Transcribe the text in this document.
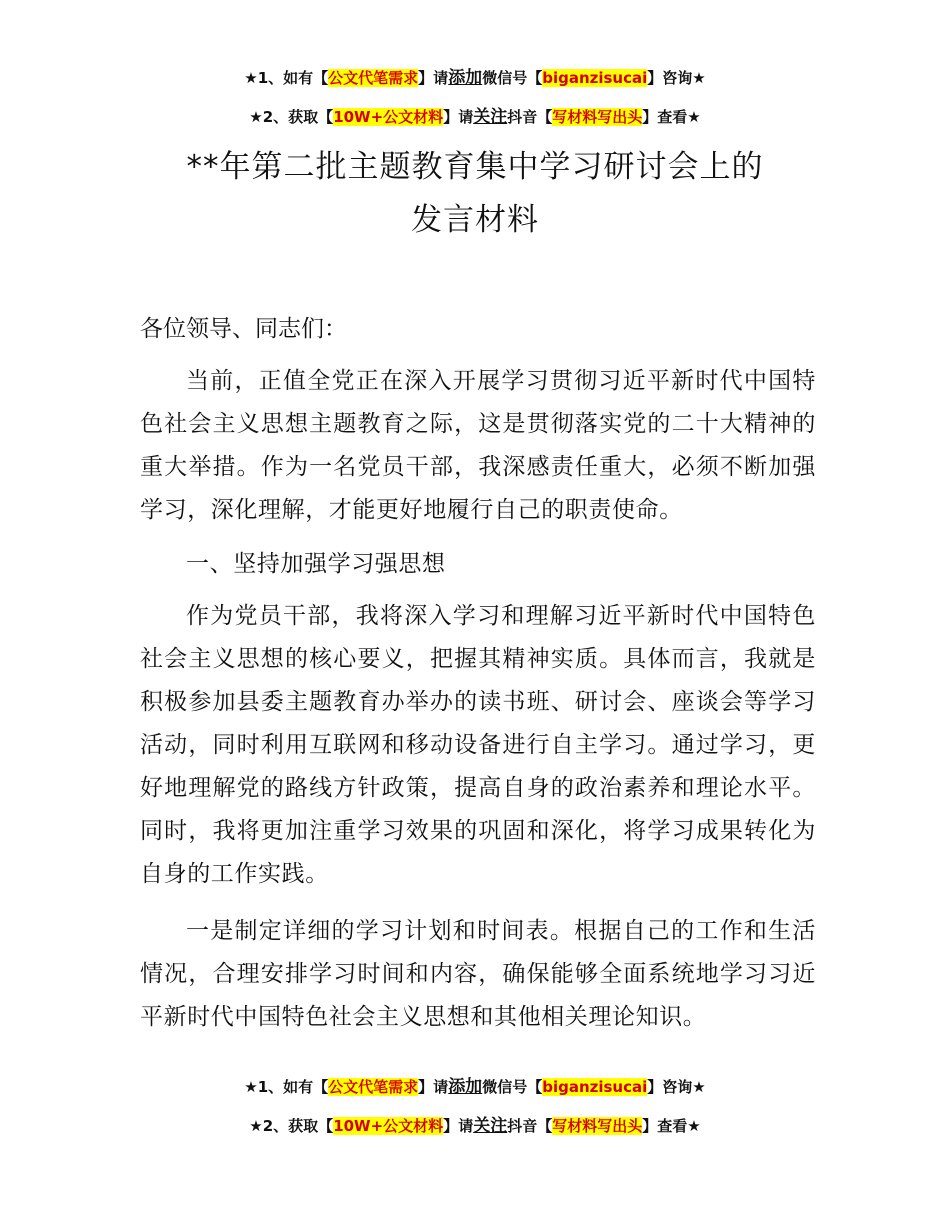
★1、如有【公文代笔需求】请添加微信号【biganzisucai】咨询★
★2、获取【10W+公文材料】请关注抖音【写材料写出头】查看★
**年第二批主题教育集中学习研讨会上的
发言材料
各位领导、同志们：
当前，正值全党正在深入开展学习贯彻习近平新时代中国特色社会主义思想主题教育之际，这是贯彻落实党的二十大精神的重大举措。作为一名党员干部，我深感责任重大，必须不断加强学习，深化理解，才能更好地履行自己的职责使命。
一、坚持加强学习强思想
作为党员干部，我将深入学习和理解习近平新时代中国特色社会主义思想的核心要义，把握其精神实质。具体而言，我就是积极参加县委主题教育办举办的读书班、研讨会、座谈会等学习活动，同时利用互联网和移动设备进行自主学习。通过学习，更好地理解党的路线方针政策，提高自身的政治素养和理论水平。同时，我将更加注重学习效果的巩固和深化，将学习成果转化为自身的工作实践。
一是制定详细的学习计划和时间表。根据自己的工作和生活情况，合理安排学习时间和内容，确保能够全面系统地学习习近平新时代中国特色社会主义思想和其他相关理论知识。
★1、如有【公文代笔需求】请添加微信号【biganzisucai】咨询★
★2、获取【10W+公文材料】请关注抖音【写材料写出头】查看★
